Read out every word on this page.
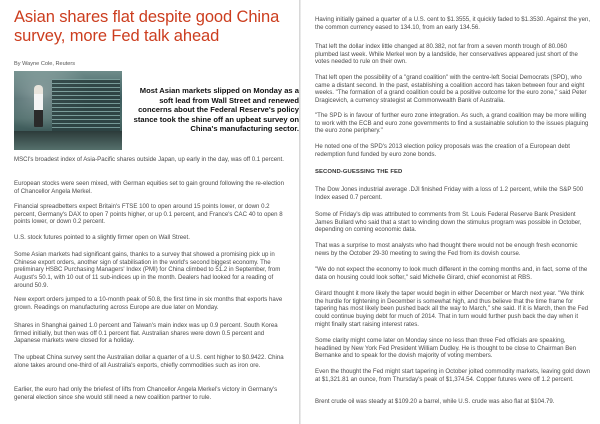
Asian shares flat despite good China survey, more Fed talk ahead
By Wayne Cole, Reuters
Most Asian markets slipped on Monday as a soft lead from Wall Street and renewed concerns about the Federal Reserve's policy stance took the shine off an upbeat survey on China's manufacturing sector.

MSCI's broadest index of Asia-Pacific shares outside Japan, up early in the day, was off 0.1 percent.

European stocks were seen mixed, with German equities set to gain ground following the re-election of Chancellor Angela Merkel.

Financial spreadbetters expect Britain's FTSE 100 to open around 15 points lower, or down 0.2 percent, Germany's DAX to open 7 points higher, or up 0.1 percent, and France's CAC 40 to open 8 points lower, or down 0.2 percent.

U.S. stock futures pointed to a slightly firmer open on Wall Street.

Some Asian markets had significant gains, thanks to a survey that showed a promising pick up in Chinese export orders, another sign of stabilisation in the world's second biggest economy. The preliminary HSBC Purchasing Managers' Index (PMI) for China climbed to 51.2 in September, from August's 50.1, with 10 out of 11 sub-indices up in the month. Dealers had looked for a reading of around 50.9.

New export orders jumped to a 10-month peak of 50.8, the first time in six months that exports have grown. Readings on manufacturing across Europe are due later on Monday.

Shares in Shanghai gained 1.0 percent and Taiwan's main index was up 0.9 percent. South Korea firmed initially, but then was off 0.1 percent flat. Australian shares were down 0.5 percent and Japanese markets were closed for a holiday.

The upbeat China survey sent the Australian dollar a quarter of a U.S. cent higher to $0.9422. China alone takes around one-third of all Australia's exports, chiefly commodities such as iron ore.

Earlier, the euro had only the briefest of lifts from Chancellor Angela Merkel's victory in Germany's general election since she would still need a new coalition partner to rule.

Having initially gained a quarter of a U.S. cent to $1.3555, it quickly faded to $1.3530. Against the yen, the common currency eased to 134.10, from an early 134.56.

That left the dollar index little changed at 80.382, not far from a seven month trough of 80.060 plumbed last week. While Merkel won by a landslide, her conservatives appeared just short of the votes needed to rule on their own.

That left open the possibility of a "grand coalition" with the centre-left Social Democrats (SPD), who came a distant second. In the past, establishing a coalition accord has taken between four and eight weeks. "The formation of a grand coalition could be a positive outcome for the euro zone," said Peter Dragicevich, a currency strategist at Commonwealth Bank of Australia.

"The SPD is in favour of further euro zone integration. As such, a grand coalition may be more willing to work with the ECB and euro zone governments to find a sustainable solution to the issues plaguing the euro zone periphery."

He noted one of the SPD's 2013 election policy proposals was the creation of a European debt redemption fund funded by euro zone bonds.

SECOND-GUESSING THE FED

The Dow Jones industrial average .DJI finished Friday with a loss of 1.2 percent, while the S&P 500 Index eased 0.7 percent.

Some of Friday's dip was attributed to comments from St. Louis Federal Reserve Bank President James Bullard who said that a start to winding down the stimulus program was possible in October, depending on coming economic data.

That was a surprise to most analysts who had thought there would not be enough fresh economic news by the October 29-30 meeting to swing the Fed from its dovish course.

"We do not expect the economy to look much different in the coming months and, in fact, some of the data on housing could look softer," said Michelle Girard, chief economist at RBS.

Girard thought it more likely the taper would begin in either December or March next year. "We think the hurdle for tightening in December is somewhat high, and thus believe that the time frame for tapering has most likely been pushed back all the way to March," she said. If it is March, then the Fed could continue buying debt for much of 2014. That in turn would further push back the day when it might finally start raising interest rates.

Some clarity might come later on Monday since no less than three Fed officials are speaking, headlined by New York Fed President William Dudley. He is thought to be close to Chairman Ben Bernanke and to speak for the dovish majority of voting members.

Even the thought the Fed might start tapering in October jolted commodity markets, leaving gold down at $1,321.81 an ounce, from Thursday's peak of $1,374.54. Copper futures were off 1.2 percent.

Brent crude oil was steady at $109.20 a barrel, while U.S. crude was also flat at $104.79.
